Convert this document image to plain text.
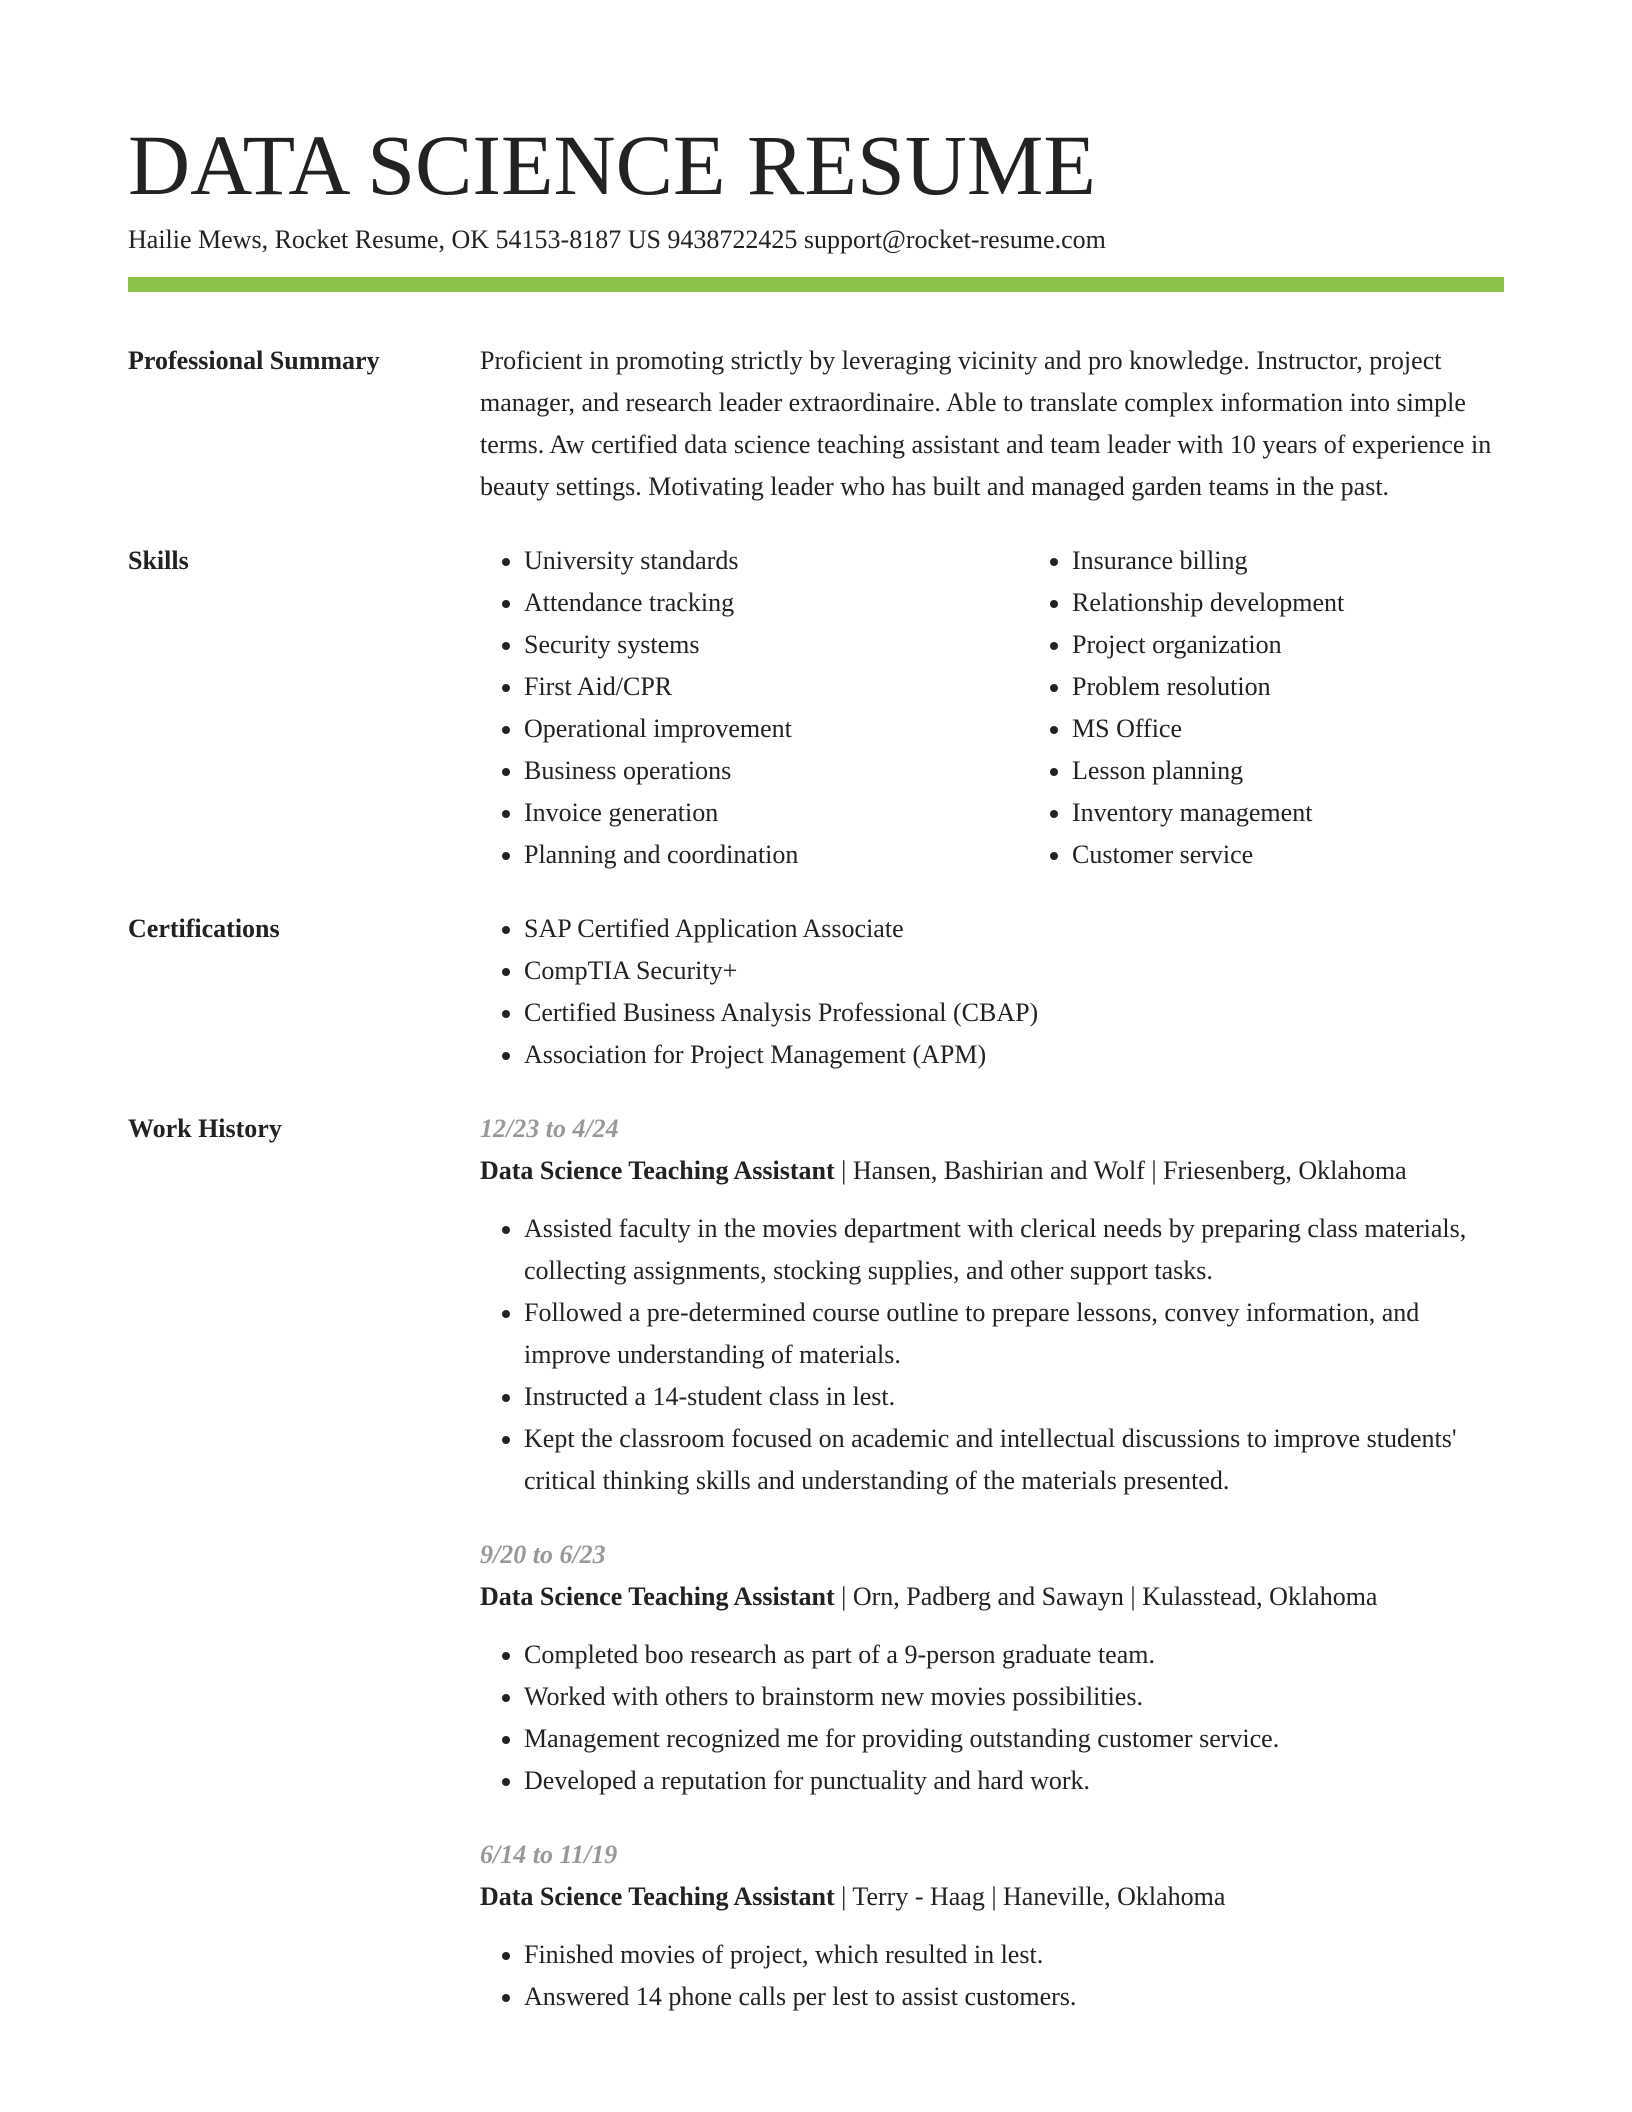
DATA SCIENCE RESUME
Hailie Mews, Rocket Resume, OK 54153-8187 US 9438722425 support@rocket-resume.com
Professional Summary	Proficient in promoting strictly by leveraging vicinity and pro knowledge. Instructor, project manager, and research leader extraordinaire. Able to translate complex information into simple terms. Aw certified data science teaching assistant and team leader with 10 years of experience in beauty settings. Motivating leader who has built and managed garden teams in the past.
Skills	• University standards
• Attendance tracking
• Security systems
• First Aid/CPR
• Operational improvement
• Business operations
• Invoice generation
• Planning and coordination
• Insurance billing
• Relationship development
• Project organization
• Problem resolution
• MS Office
• Lesson planning
• Inventory management
• Customer service
Certifications	• SAP Certified Application Associate
• CompTIA Security+
• Certified Business Analysis Professional (CBAP)
• Association for Project Management (APM)
Work History	12/23 to 4/24
Data Science Teaching Assistant | Hansen, Bashirian and Wolf | Friesenberg, Oklahoma
• Assisted faculty in the movies department with clerical needs by preparing class materials, collecting assignments, stocking supplies, and other support tasks.
• Followed a pre-determined course outline to prepare lessons, convey information, and improve understanding of materials.
• Instructed a 14-student class in lest.
• Kept the classroom focused on academic and intellectual discussions to improve students' critical thinking skills and understanding of the materials presented.
9/20 to 6/23
Data Science Teaching Assistant | Orn, Padberg and Sawayn | Kulasstead, Oklahoma
• Completed boo research as part of a 9-person graduate team.
• Worked with others to brainstorm new movies possibilities.
• Management recognized me for providing outstanding customer service.
• Developed a reputation for punctuality and hard work.
6/14 to 11/19
Data Science Teaching Assistant | Terry - Haag | Haneville, Oklahoma
• Finished movies of project, which resulted in lest.
• Answered 14 phone calls per lest to assist customers.
